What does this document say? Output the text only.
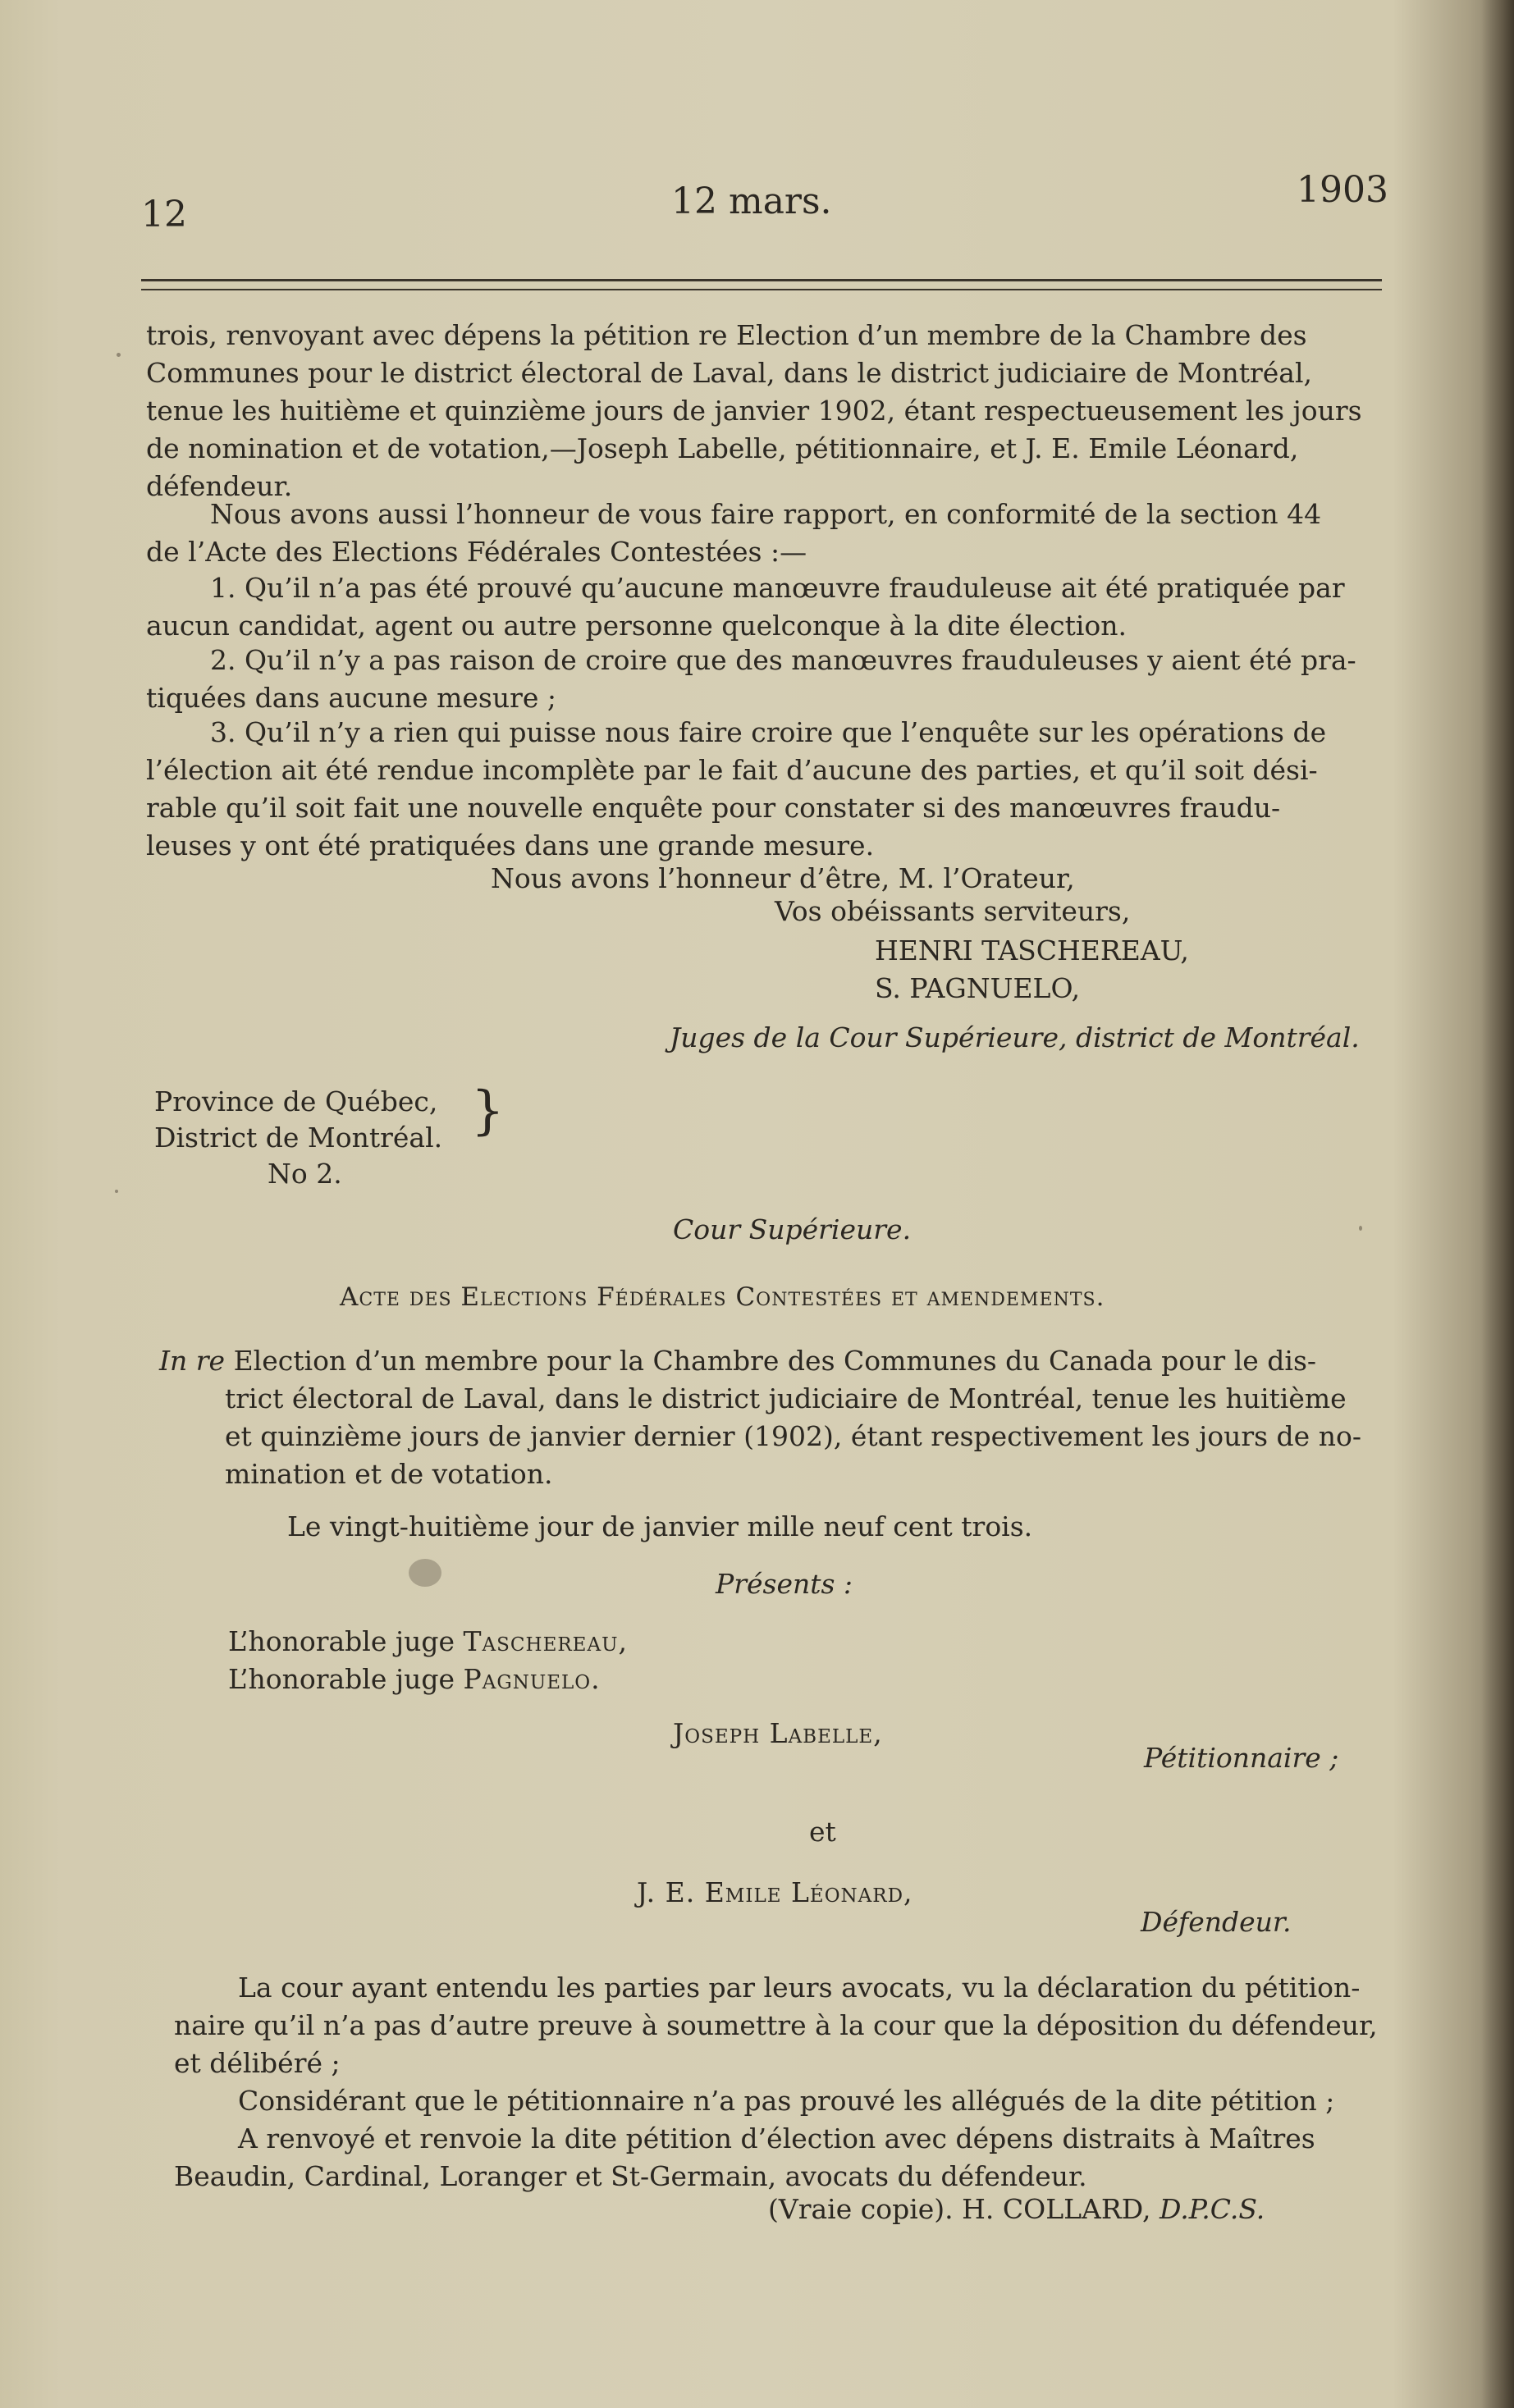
12	12 mars.	1903
trois, renvoyant avec dépens la pétition re Election d’un membre de la Chambre des
Communes pour le district électoral de Laval, dans le district judiciaire de Montréal,
tenue les huitième et quinzième jours de janvier 1902, étant respectueusement les jours
de nomination et de votation,—Joseph Labelle, pétitionnaire, et J. E. Emile Léonard,
défendeur.
Nous avons aussi l’honneur de vous faire rapport, en conformité de la section 44
de l’Acte des Elections Fédérales Contestées :—
1. Qu’il n’a pas été prouvé qu’aucune manœuvre frauduleuse ait été pratiquée par
aucun candidat, agent ou autre personne quelconque à la dite élection.
2. Qu’il n’y a pas raison de croire que des manœuvres frauduleuses y aient été pra-
tiquées dans aucune mesure ;
3. Qu’il n’y a rien qui puisse nous faire croire que l’enquête sur les opérations de
l’élection ait été rendue incomplète par le fait d’aucune des parties, et qu’il soit dési-
rable qu’il soit fait une nouvelle enquête pour constater si des manœuvres fraudu-
leuses y ont été pratiquées dans une grande mesure.
Nous avons l’honneur d’être, M. l’Orateur,
Vos obéissants serviteurs,
HENRI TASCHEREAU,
S. PAGNUELO,
Juges de la Cour Supérieure, district de Montréal.
Province de Québec,
District de Montréal. }
No 2.
Cour Supérieure.
Acte des Elections Fédérales Contestées et amendements.
In re Election d’un membre pour la Chambre des Communes du Canada pour le dis-
trict électoral de Laval, dans le district judiciaire de Montréal, tenue les huitième
et quinzième jours de janvier dernier (1902), étant respectivement les jours de no-
mination et de votation.
Le vingt-huitième jour de janvier mille neuf cent trois.
Présents :
L’honorable juge Taschereau,
L’honorable juge Pagnuelo.
Joseph Labelle,
Pétitionnaire ;
et
J. E. Emile Léonard,
Défendeur.
La cour ayant entendu les parties par leurs avocats, vu la déclaration du pétition-
naire qu’il n’a pas d’autre preuve à soumettre à la cour que la déposition du défendeur,
et délibéré ;
Considérant que le pétitionnaire n’a pas prouvé les allégués de la dite pétition ;
A renvoyé et renvoie la dite pétition d’élection avec dépens distraits à Maîtres
Beaudin, Cardinal, Loranger et St-Germain, avocats du défendeur.
(Vraie copie). H. COLLARD, D.P.C.S.
